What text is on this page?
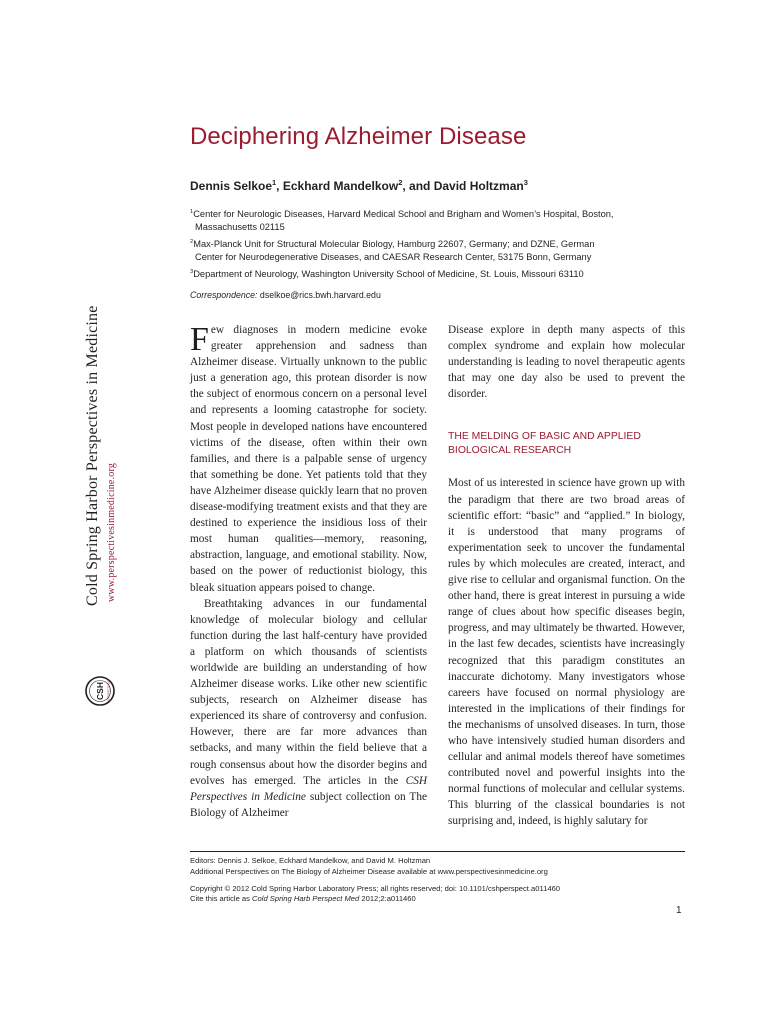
Deciphering Alzheimer Disease

Dennis Selkoe$^1$, Eckhard Mandelkow$^2$, and David Holtzman$^3$

$^1$Center for Neurologic Diseases, Harvard Medical School and Brigham and Women’s Hospital, Boston,
Massachusetts 02115

$^2$Max-Planck Unit for Structural Molecular Biology, Hamburg 22607, Germany; and DZNE, German
Center for Neurodegenerative Diseases, and CAESAR Research Center, 53175 Bonn, Germany

$^3$Department of Neurology, Washington University School of Medicine, St. Louis, Missouri 63110

Correspondence: dselkoe@rics.bwh.harvard.edu

Cold Spring Harbor Perspectives in Medicine www.perspectivesinmedicine.org
CSH PERSPECTIVES

Few diagnoses in modern medicine evoke greater apprehension and sadness than Alzheimer disease. Virtually unknown to the public just a generation ago, this protean disorder is now the subject of enormous concern on a personal level and represents a looming catastrophe for society. Most people in developed nations have encountered victims of the disease, often within their own families, and there is a palpable sense of urgency that something be done. Yet patients told that they have Alzheimer disease quickly learn that no proven disease-modifying treatment exists and that they are destined to experience the insidious loss of their most human qualities—memory, reasoning, abstraction, language, and emotional stability. Now, based on the power of reductionist biology, this bleak situation appears poised to change.

Breathtaking advances in our fundamental knowledge of molecular biology and cellular function during the last half-century have provided a platform on which thousands of scientists worldwide are building an understanding of how Alzheimer disease works. Like other new scientific subjects, research on Alzheimer disease has experienced its share of controversy and confusion. However, there are far more advances than setbacks, and many within the field believe that a rough consensus about how the disorder begins and evolves has emerged. The articles in the CSH Perspectives in Medicine subject collection on The Biology of Alzheimer

Disease explore in depth many aspects of this complex syndrome and explain how molecular understanding is leading to novel therapeutic agents that may one day also be used to prevent the disorder.

THE MELDING OF BASIC AND APPLIED BIOLOGICAL RESEARCH

Most of us interested in science have grown up with the paradigm that there are two broad areas of scientific effort: “basic” and “applied.” In biology, it is understood that many programs of experimentation seek to uncover the fundamental rules by which molecules are created, interact, and give rise to cellular and organismal function. On the other hand, there is great interest in pursuing a wide range of clues about how specific diseases begin, progress, and may ultimately be thwarted. However, in the last few decades, scientists have increasingly recognized that this paradigm constitutes an inaccurate dichotomy. Many investigators whose careers have focused on normal physiology are interested in the implications of their findings for the mechanisms of unsolved diseases. In turn, those who have intensively studied human disorders and cellular and animal models thereof have sometimes contributed novel and powerful insights into the normal functions of molecular and cellular systems. This blurring of the classical boundaries is not surprising and, indeed, is highly salutary for

Editors: Dennis J. Selkoe, Eckhard Mandelkow, and David M. Holtzman

Additional Perspectives on The Biology of Alzheimer Disease available at www.perspectivesinmedicine.org

Copyright © 2012 Cold Spring Harbor Laboratory Press; all rights reserved; doi: 10.1101/cshperspect.a011460

Cite this article as Cold Spring Harb Perspect Med 2012;2:a011460

1
